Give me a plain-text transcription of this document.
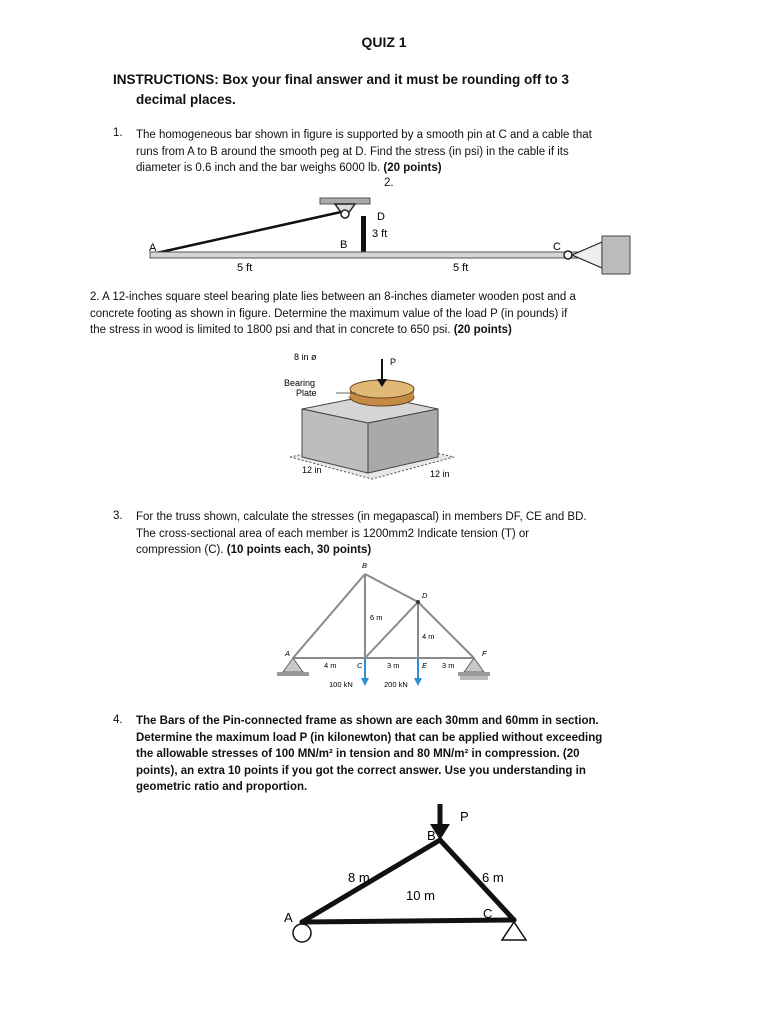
QUIZ 1
INSTRUCTIONS: Box your final answer and it must be rounding off to 3
decimal places.
1. The homogeneous bar shown in figure is supported by a smooth pin at C and a cable that
runs from A to B around the smooth peg at D. Find the stress (in psi) in the cable if its
diameter is 0.6 inch and the bar weighs 6000 lb. (20 points)
2.
A	B	C
D
3 ft
5 ft	5 ft
2. A 12-inches square steel bearing plate lies between an 8-inches diameter wooden post and a
concrete footing as shown in figure. Determine the maximum value of the load P (in pounds) if
the stress in wood is limited to 1800 psi and that in concrete to 650 psi. (20 points)
P
8 in ø
Bearing
Plate
12 in	12 in
3. For the truss shown, calculate the stresses (in megapascal) in members DF, CE and BD.
The cross-sectional area of each member is 1200mm2 Indicate tension (T) or
compression (C). (10 points each, 30 points)
A
B
C
D
E
F
6 m
4 m
4 m	3 m	3 m
100 kN	200 kN
4. The Bars of the Pin-connected frame as shown are each 30mm and 60mm in section.
Determine the maximum load P (in kilonewton) that can be applied without exceeding
the allowable stresses of 100 MN/m² in tension and 80 MN/m² in compression. (20
points), an extra 10 points if you got the correct answer. Use you understanding in
geometric ratio and proportion.
P
B
A	C
8 m	6 m
10 m
